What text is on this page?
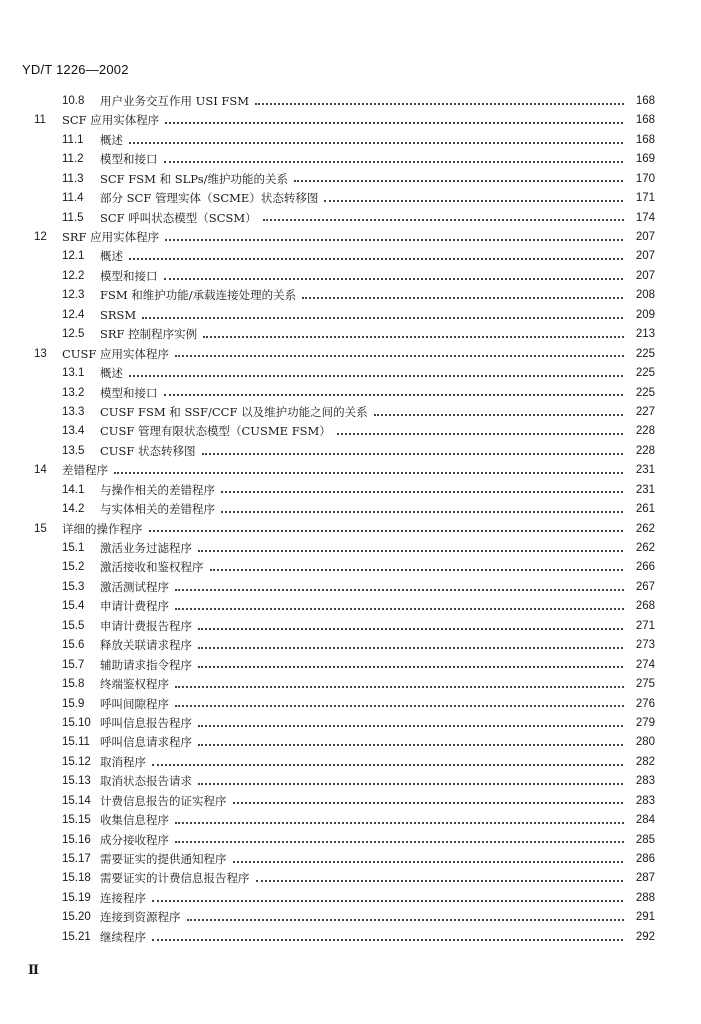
YD/T 1226—2002
10.8 用户业务交互作用 USI FSM	168
11 SCF 应用实体程序	168
11.1 概述	168
11.2 模型和接口	169
11.3 SCF FSM 和 SLPs/维护功能的关系	170
11.4 部分 SCF 管理实体（SCME）状态转移图	171
11.5 SCF 呼叫状态模型（SCSM）	174
12 SRF 应用实体程序	207
12.1 概述	207
12.2 模型和接口	207
12.3 FSM 和维护功能/承载连接处理的关系	208
12.4 SRSM	209
12.5 SRF 控制程序实例	213
13 CUSF 应用实体程序	225
13.1 概述	225
13.2 模型和接口	225
13.3 CUSF FSM 和 SSF/CCF 以及维护功能之间的关系	227
13.4 CUSF 管理有限状态模型（CUSME FSM）	228
13.5 CUSF 状态转移图	228
14 差错程序	231
14.1 与操作相关的差错程序	231
14.2 与实体相关的差错程序	261
15 详细的操作程序	262
15.1 激活业务过滤程序	262
15.2 激活接收和鉴权程序	266
15.3 激活测试程序	267
15.4 申请计费程序	268
15.5 申请计费报告程序	271
15.6 释放关联请求程序	273
15.7 辅助请求指令程序	274
15.8 终端鉴权程序	275
15.9 呼叫间隙程序	276
15.10 呼叫信息报告程序	279
15.11 呼叫信息请求程序	280
15.12 取消程序	282
15.13 取消状态报告请求	283
15.14 计费信息报告的证实程序	283
15.15 收集信息程序	284
15.16 成分接收程序	285
15.17 需要证实的提供通知程序	286
15.18 需要证实的计费信息报告程序	287
15.19 连接程序	288
15.20 连接到资源程序	291
15.21 继续程序	292
Ⅱ
